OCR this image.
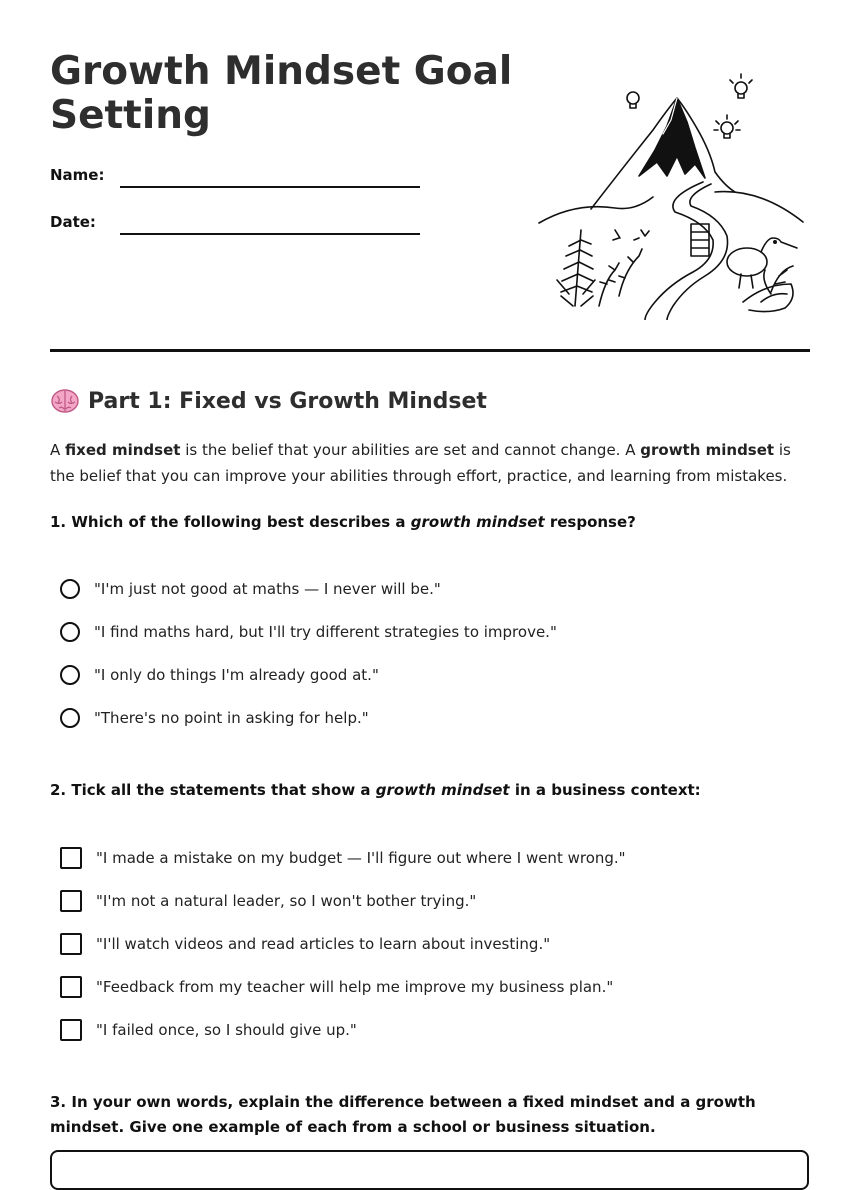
Growth Mindset Goal Setting
Name:
Date:
Part 1: Fixed vs Growth Mindset

A fixed mindset is the belief that your abilities are set and cannot change. A growth mindset is the belief that you can improve your abilities through effort, practice, and learning from mistakes.

1. Which of the following best describes a growth mindset response?

"I'm just not good at maths — I never will be."
"I find maths hard, but I'll try different strategies to improve."
"I only do things I'm already good at."
"There's no point in asking for help."

2. Tick all the statements that show a growth mindset in a business context:

"I made a mistake on my budget — I'll figure out where I went wrong."
"I'm not a natural leader, so I won't bother trying."
"I'll watch videos and read articles to learn about investing."
"Feedback from my teacher will help me improve my business plan."
"I failed once, so I should give up."

3. In your own words, explain the difference between a fixed mindset and a growth mindset. Give one example of each from a school or business situation.
